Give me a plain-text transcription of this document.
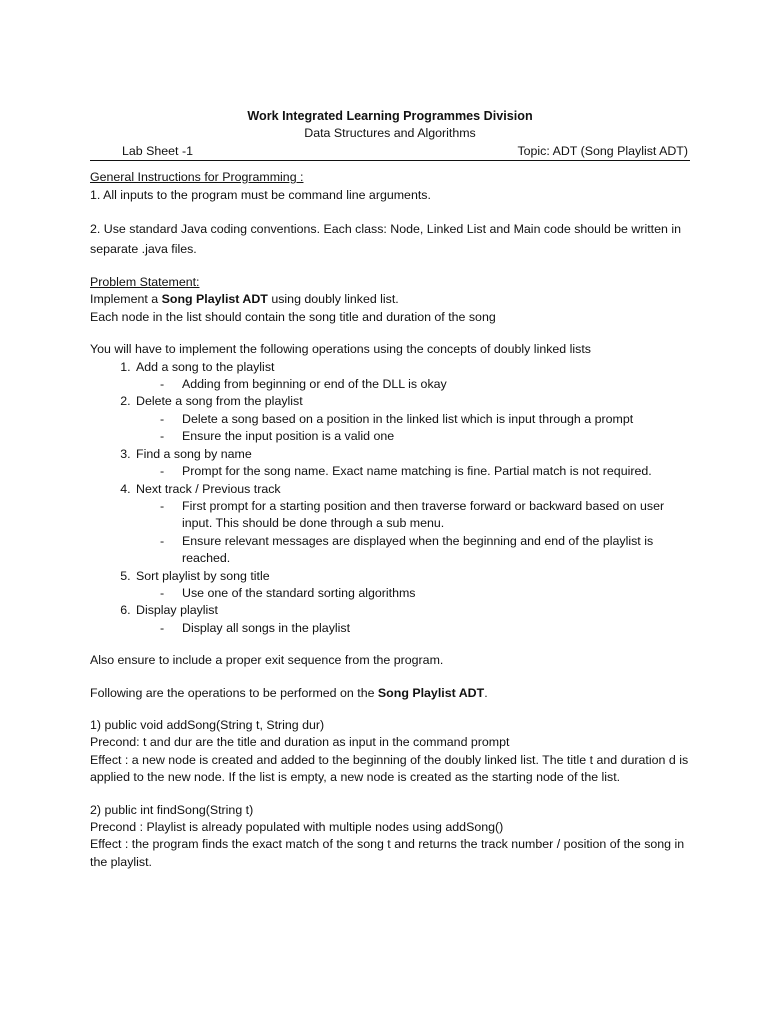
Work Integrated Learning Programmes Division

Data Structures and Algorithms

Lab Sheet -1	Topic: ADT (Song Playlist ADT)

General Instructions for Programming :

1. All inputs to the program must be command line arguments.

2. Use standard Java coding conventions. Each class: Node, Linked List and Main code should be written in separate .java files.

Problem Statement:

Implement a Song Playlist ADT using doubly linked list.

Each node in the list should contain the song title and duration of the song

You will have to implement the following operations using the concepts of doubly linked lists

1. Add a song to the playlist
- Adding from beginning or end of the DLL is okay
2. Delete a song from the playlist
- Delete a song based on a position in the linked list which is input through a prompt
- Ensure the input position is a valid one
3. Find a song by name
- Prompt for the song name. Exact name matching is fine. Partial match is not required.
4. Next track / Previous track
- First prompt for a starting position and then traverse forward or backward based on user input. This should be done through a sub menu.
- Ensure relevant messages are displayed when the beginning and end of the playlist is reached.
5. Sort playlist by song title
- Use one of the standard sorting algorithms
6. Display playlist
- Display all songs in the playlist

Also ensure to include a proper exit sequence from the program.

Following are the operations to be performed on the Song Playlist ADT.

1) public void addSong(String t, String dur)

Precond: t and dur are the title and duration as input in the command prompt

Effect : a new node is created and added to the beginning of the doubly linked list. The title t and duration d is applied to the new node. If the list is empty, a new node is created as the starting node of the list.

2) public int findSong(String t)

Precond : Playlist is already populated with multiple nodes using addSong()

Effect : the program finds the exact match of the song t and returns the track number / position of the song in the playlist.
